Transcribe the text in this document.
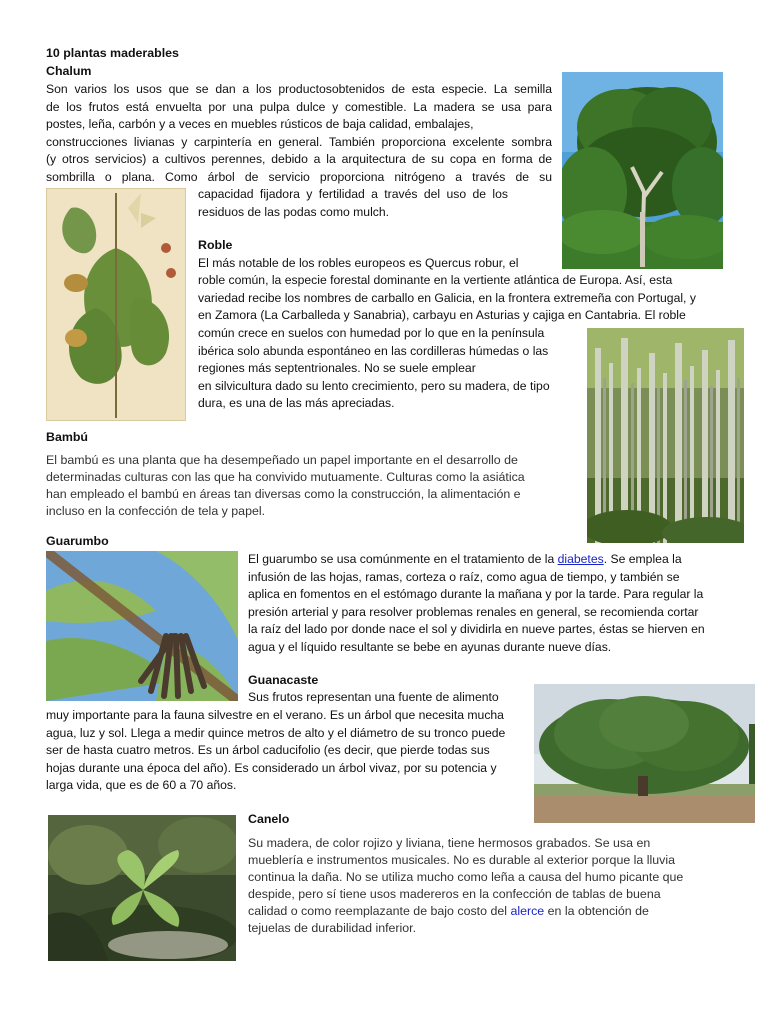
10 plantas maderables
Chalum
Son varios los usos que se dan a los productosobtenidos de esta especie. La semilla
de los frutos está envuelta por una pulpa dulce y comestible. La madera se usa para
postes, leña, carbón y a veces en muebles rústicos de baja calidad, embalajes,
construcciones livianas y carpintería en general. También proporciona excelente sombra
(y otros servicios) a cultivos perennes, debido a la arquitectura de su copa en forma de
sombrilla o plana. Como árbol de servicio proporciona nitrógeno a través de su
capacidad fijadora y fertilidad a través del uso de los
residuos de las podas como mulch.
Roble
El más notable de los robles europeos es Quercus robur, el
roble común, la especie forestal dominante en la vertiente atlántica de Europa. Así, esta
variedad recibe los nombres de carballo en Galicia, en la frontera extremeña con Portugal, y
en Zamora (La Carballeda y Sanabria), carbayu en Asturias y cajiga en Cantabria. El roble
común crece en suelos con humedad por lo que en la península
ibérica solo abunda espontáneo en las cordilleras húmedas o las
regiones más septentrionales. No se suele emplear
en silvicultura dado su lento crecimiento, pero su madera, de tipo
dura, es una de las más apreciadas.
Bambú
El bambú es una planta que ha desempeñado un papel importante en el desarrollo de
determinadas culturas con las que ha convivido mutuamente. Culturas como la asiática
han empleado el bambú en áreas tan diversas como la construcción, la alimentación e
incluso en la confección de tela y papel.
Guarumbo
El guarumbo se usa comúnmente en el tratamiento de la diabetes. Se emplea la
infusión de las hojas, ramas, corteza o raíz, como agua de tiempo, y también se
aplica en fomentos en el estómago durante la mañana y por la tarde. Para regular la
presión arterial y para resolver problemas renales en general, se recomienda cortar
la raíz del lado por donde nace el sol y dividirla en nueve partes, éstas se hierven en
agua y el líquido resultante se bebe en ayunas durante nueve días.
Guanacaste
Sus frutos representan una fuente de alimento
muy importante para la fauna silvestre en el verano. Es un árbol que necesita mucha
agua, luz y sol. Llega a medir quince metros de alto y el diámetro de su tronco puede
ser de hasta cuatro metros. Es un árbol caducifolio (es decir, que pierde todas sus
hojas durante una época del año). Es considerado un árbol vivaz, por su potencia y
larga vida, que es de 60 a 70 años.
Canelo
Su madera, de color rojizo y liviana, tiene hermosos grabados. Se usa en
mueblería e instrumentos musicales. No es durable al exterior porque la lluvia
continua la daña. No se utiliza mucho como leña a causa del humo picante que
despide, pero sí tiene usos madereros en la confección de tablas de buena
calidad o como reemplazante de bajo costo del alerce en la obtención de
tejuelas de durabilidad inferior.
